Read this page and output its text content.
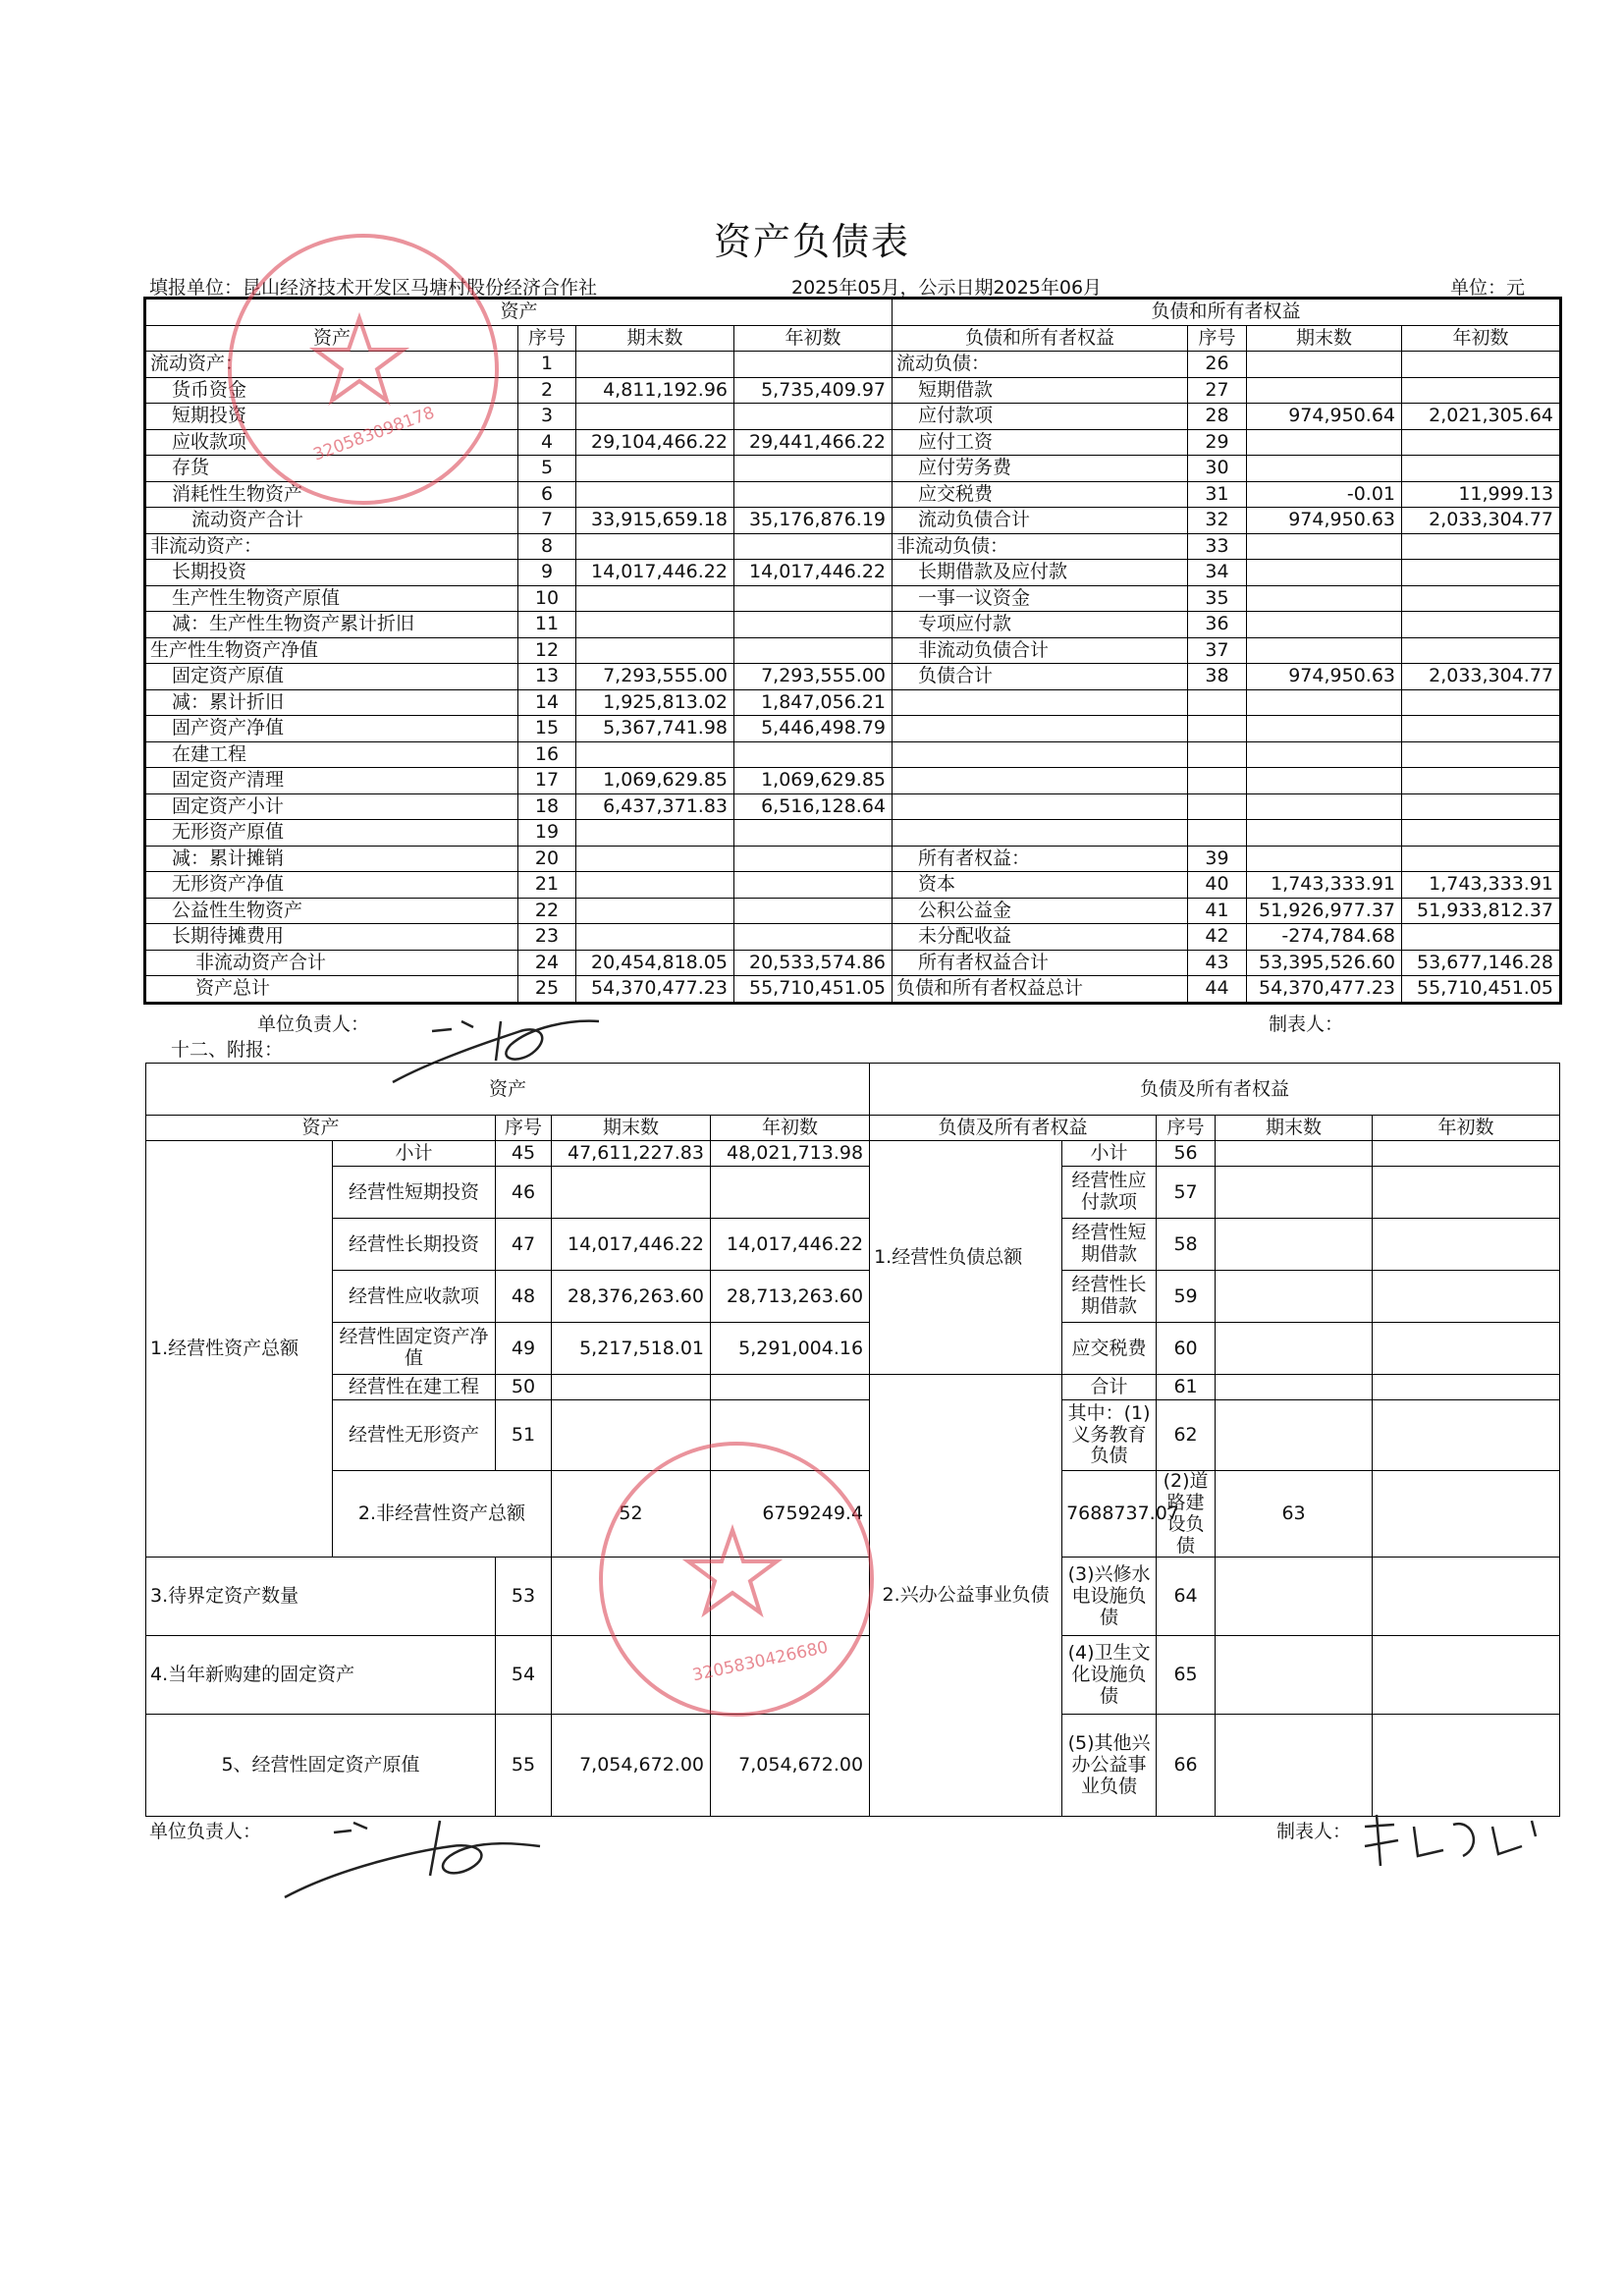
资产负债表
填报单位：昆山经济技术开发区马塘村股份经济合作社	2025年05月，公示日期2025年06月	单位：元
资产				负债和所有者权益			
资产	序号	期末数	年初数	负债和所有者权益	序号	期末数	年初数
流动资产：	1			流动负债：	26		
货币资金	2	4,811,192.96	5,735,409.97	短期借款	27		
短期投资	3			应付款项	28	974,950.64	2,021,305.64
应收款项	4	29,104,466.22	29,441,466.22	应付工资	29		
存货	5			应付劳务费	30		
消耗性生物资产	6			应交税费	31	-0.01	11,999.13
流动资产合计	7	33,915,659.18	35,176,876.19	流动负债合计	32	974,950.63	2,033,304.77
非流动资产：	8			非流动负债：	33		
长期投资	9	14,017,446.22	14,017,446.22	长期借款及应付款	34		
生产性生物资产原值	10			一事一议资金	35		
减：生产性生物资产累计折旧	11			专项应付款	36		
生产性生物资产净值	12			非流动负债合计	37		
固定资产原值	13	7,293,555.00	7,293,555.00	负债合计	38	974,950.63	2,033,304.77
减：累计折旧	14	1,925,813.02	1,847,056.21				
固产资产净值	15	5,367,741.98	5,446,498.79				
在建工程	16						
固定资产清理	17	1,069,629.85	1,069,629.85				
固定资产小计	18	6,437,371.83	6,516,128.64				
无形资产原值	19						
减：累计摊销	20			所有者权益：	39		
无形资产净值	21			资本	40	1,743,333.91	1,743,333.91
公益性生物资产	22			公积公益金	41	51,926,977.37	51,933,812.37
长期待摊费用	23			未分配收益	42	-274,784.68	
非流动资产合计	24	20,454,818.05	20,533,574.86	所有者权益合计	43	53,395,526.60	53,677,146.28
资产总计	25	54,370,477.23	55,710,451.05	负债和所有者权益总计	44	54,370,477.23	55,710,451.05
单位负责人：	制表人：
十二、附报：
资产					负债及所有者权益					
资产		序号	期末数	年初数	负债及所有者权益		序号	期末数	年初数	
1.经营性资产总额	小计	45	47,611,227.83	48,021,713.98	1.经营性负债总额	小计	56			
	经营性短期投资	46				经营性应付款项	57			
	经营性长期投资	47	14,017,446.22	14,017,446.22		经营性短期借款	58			
	经营性应收款项	48	28,376,263.60	28,713,263.60		经营性长期借款	59			
	经营性固定资产净值	49	5,217,518.01	5,291,004.16		应交税费	60			
	经营性在建工程	50			2.兴办公益事业负债	合计	61			
	经营性无形资产	51				其中：(1)义务教育负债	62			
	2.非经营性资产总额		52	6759249.4		7688737.07	(2)道路建设负债	63		
3.待界定资产数量		53				(3)兴修水电设施负债	64			
4.当年新购建的固定资产		54				(4)卫生文化设施负债	65			
5、经营性固定资产原值		55	7,054,672.00	7,054,672.00		(5)其他兴办公益事业负债	66			
单位负责人：	制表人：
320583098178
3205830426680
